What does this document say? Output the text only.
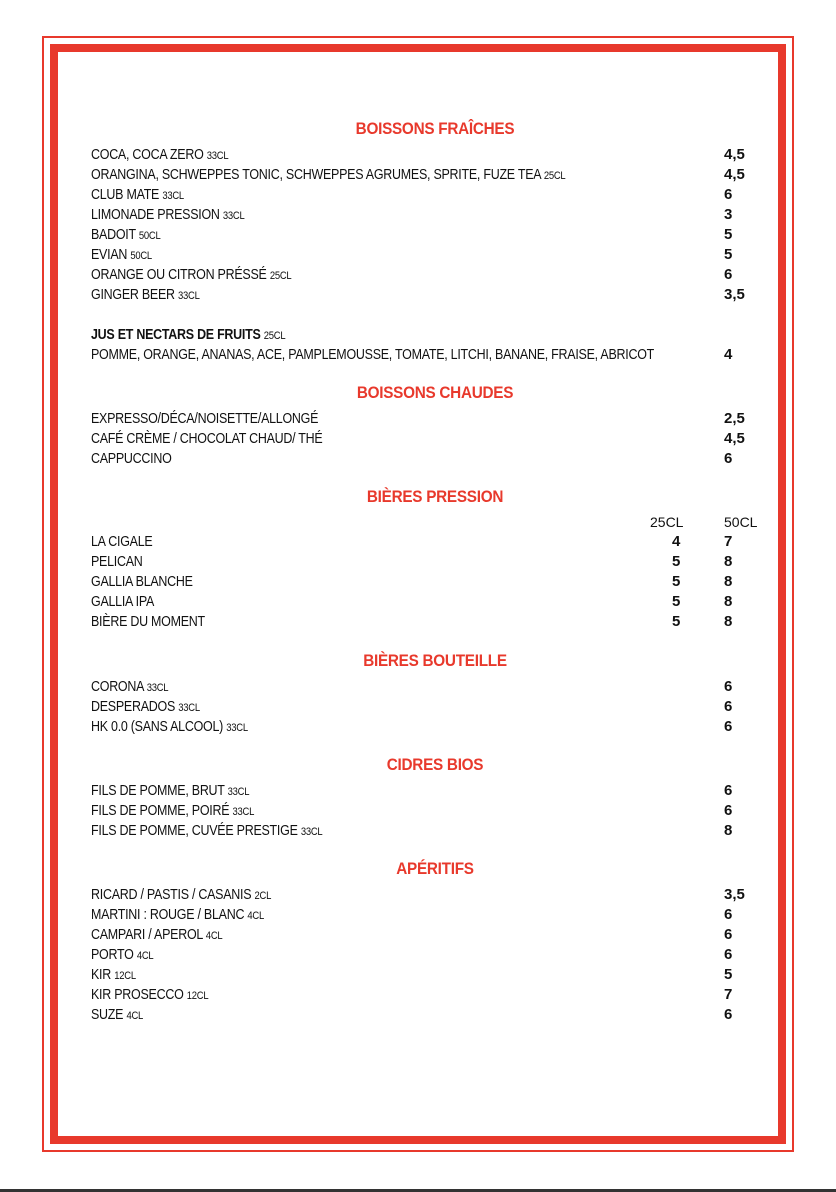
BOISSONS FRAÎCHES
COCA, COCA ZERO 33CL	4,5
ORANGINA, SCHWEPPES TONIC, SCHWEPPES AGRUMES, SPRITE, FUZE TEA 25CL	4,5
CLUB MATE 33CL	6
LIMONADE PRESSION 33CL	3
BADOIT 50CL	5
EVIAN 50CL	5
ORANGE OU CITRON PRÉSSÉ 25CL	6
GINGER BEER 33CL	3,5
JUS ET NECTARS DE FRUITS 25CL
POMME, ORANGE, ANANAS, ACE, PAMPLEMOUSSE, TOMATE, LITCHI, BANANE, FRAISE, ABRICOT	4
BOISSONS CHAUDES
EXPRESSO/DÉCA/NOISETTE/ALLONGÉ	2,5
CAFÉ CRÈME / CHOCOLAT CHAUD/ THÉ	4,5
CAPPUCCINO	6
BIÈRES PRESSION
25CL	50CL
LA CIGALE	4	7
PELICAN	5	8
GALLIA BLANCHE	5	8
GALLIA IPA	5	8
BIÈRE DU MOMENT	5	8
BIÈRES BOUTEILLE
CORONA 33CL	6
DESPERADOS 33CL	6
HK 0.0 (SANS ALCOOL) 33CL	6
CIDRES BIOS
FILS DE POMME, BRUT 33CL	6
FILS DE POMME, POIRÉ 33CL	6
FILS DE POMME, CUVÉE PRESTIGE 33CL	8
APÉRITIFS
RICARD / PASTIS / CASANIS 2CL	3,5
MARTINI : ROUGE / BLANC 4CL	6
CAMPARI / APEROL 4CL	6
PORTO 4CL	6
KIR 12CL	5
KIR PROSECCO 12CL	7
SUZE 4CL	6
